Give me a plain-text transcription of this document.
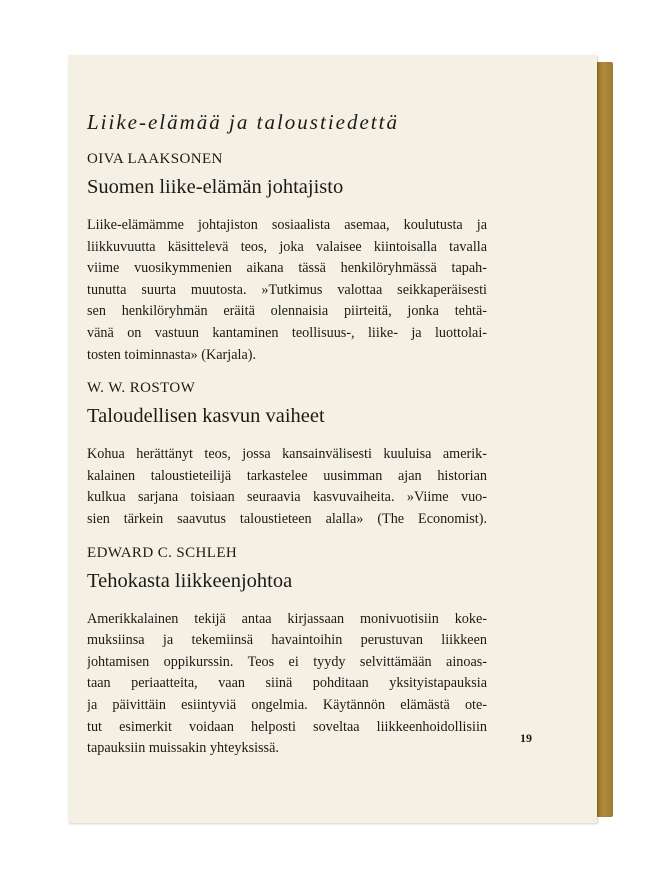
Liike-elämää ja taloustiedettä
OIVA LAAKSONEN
Suomen liike-elämän johtajisto
Liike-elämämme johtajiston sosiaalista asemaa, koulutusta ja
liikkuvuutta käsittelevä teos, joka valaisee kiintoisalla tavalla
viime vuosikymmenien aikana tässä henkilöryhmässä tapah-
tunutta suurta muutosta. »Tutkimus valottaa seikkaperäisesti
sen henkilöryhmän eräitä olennaisia piirteitä, jonka tehtä-
vänä on vastuun kantaminen teollisuus-, liike- ja luottolai-
tosten toiminnasta» (Karjala).
W. W. ROSTOW
Taloudellisen kasvun vaiheet
Kohua herättänyt teos, jossa kansainvälisesti kuuluisa amerik-
kalainen taloustieteilijä tarkastelee uusimman ajan historian
kulkua sarjana toisiaan seuraavia kasvuvaiheita. »Viime vuo-
sien tärkein saavutus taloustieteen alalla» (The Economist).
EDWARD C. SCHLEH
Tehokasta liikkeenjohtoa
Amerikkalainen tekijä antaa kirjassaan monivuotisiin koke-
muksiinsa ja tekemiinsä havaintoihin perustuvan liikkeen
johtamisen oppikurssin. Teos ei tyydy selvittämään ainoas-
taan periaatteita, vaan siinä pohditaan yksityistapauksia
ja päivittäin esiintyviä ongelmia. Käytännön elämästä ote-
tut esimerkit voidaan helposti soveltaa liikkeenhoidollisiin
tapauksiin muissakin yhteyksissä.
19
